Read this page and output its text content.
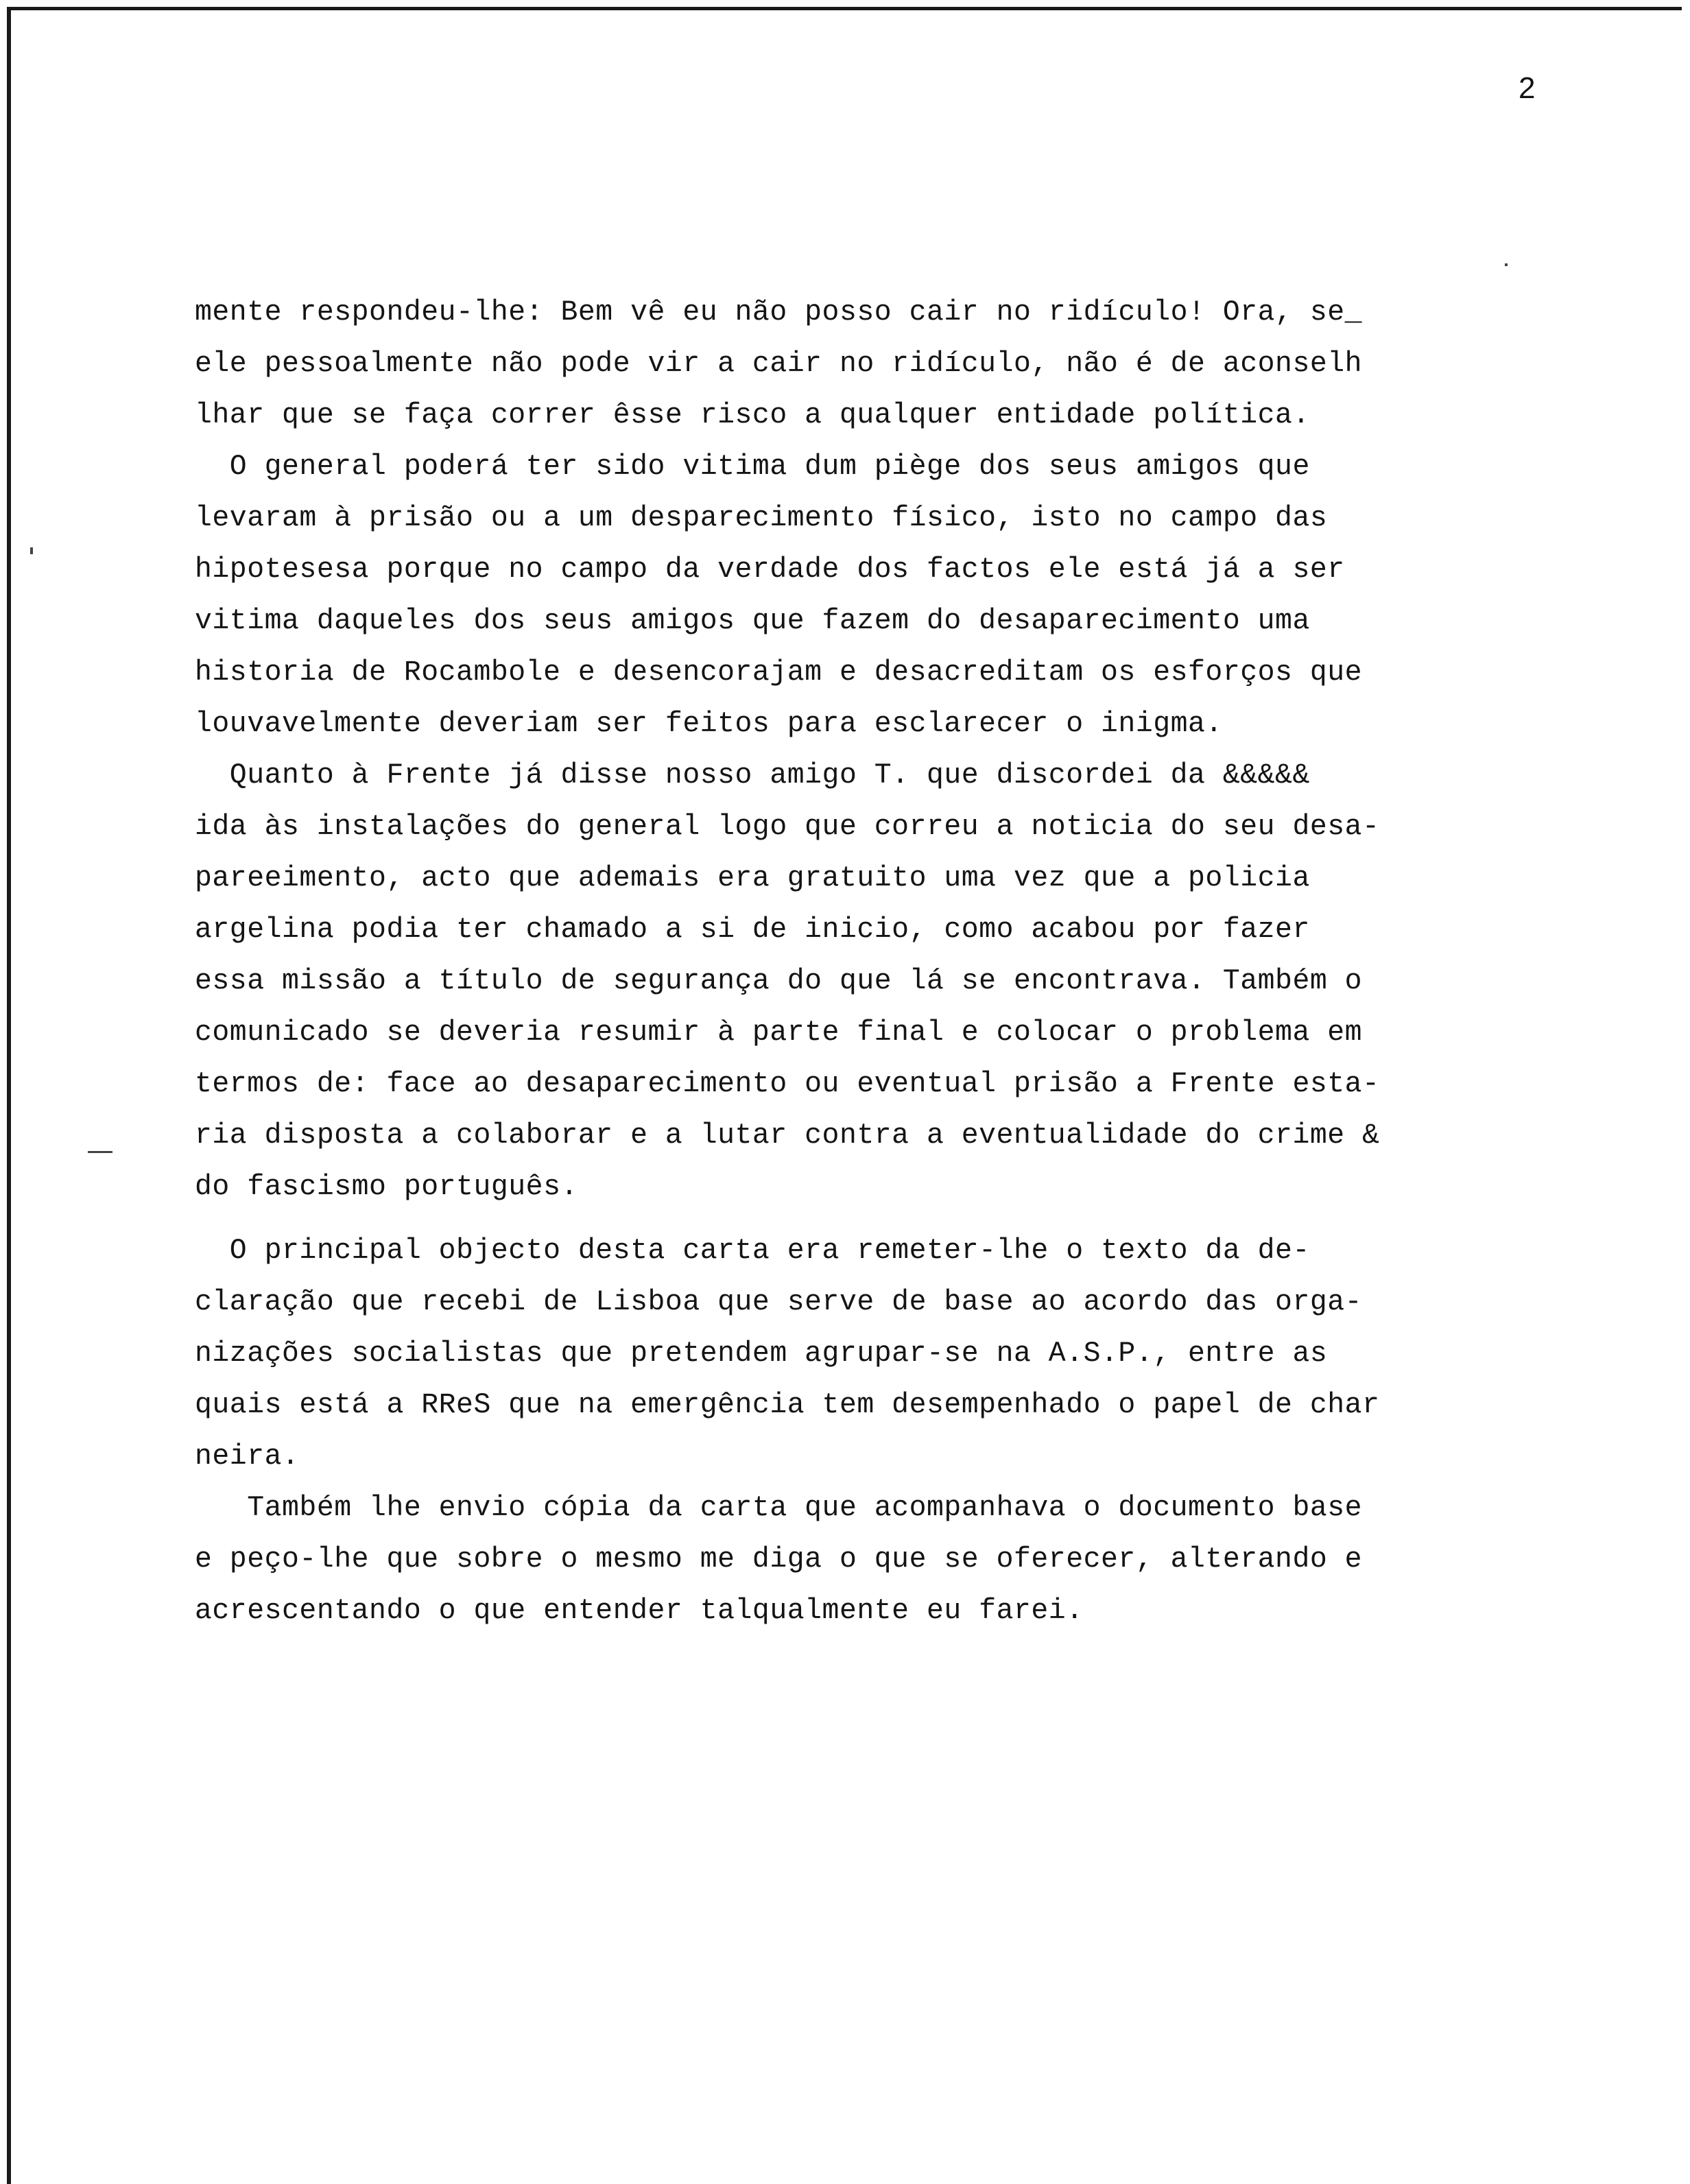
2
mente respondeu-lhe: Bem vê eu não posso cair no ridículo! Ora, se_
ele pessoalmente não pode vir a cair no ridículo, não é de aconselh
lhar que se faça correr êsse risco a qualquer entidade política.
O general poderá ter sido vitima dum piège dos seus amigos que
levaram à prisão ou a um desparecimento físico, isto no campo das
hipotesesa porque no campo da verdade dos factos ele está já a ser
vitima daqueles dos seus amigos que fazem do desaparecimento uma
historia de Rocambole e desencorajam e desacreditam os esforços que
louvavelmente deveriam ser feitos para esclarecer o inigma.
Quanto à Frente já disse nosso amigo T. que discordei da &&&&&
ida às instalações do general logo que correu a noticia do seu desa-
pareeimento, acto que ademais era gratuito uma vez que a policia
argelina podia ter chamado a si de inicio, como acabou por fazer
essa missão a título de segurança do que lá se encontrava. Também o
comunicado se deveria resumir à parte final e colocar o problema em
termos de: face ao desaparecimento ou eventual prisão a Frente esta-
ria disposta a colaborar e a lutar contra a eventualidade do crime &
do fascismo português.
O principal objecto desta carta era remeter-lhe o texto da de-
claração que recebi de Lisboa que serve de base ao acordo das orga-
nizações socialistas que pretendem agrupar-se na A.S.P., entre as
quais está a RReS que na emergência tem desempenhado o papel de char
neira.
Também lhe envio cópia da carta que acompanhava o documento base
e peço-lhe que sobre o mesmo me diga o que se oferecer, alterando e
acrescentando o que entender talqualmente eu farei.
